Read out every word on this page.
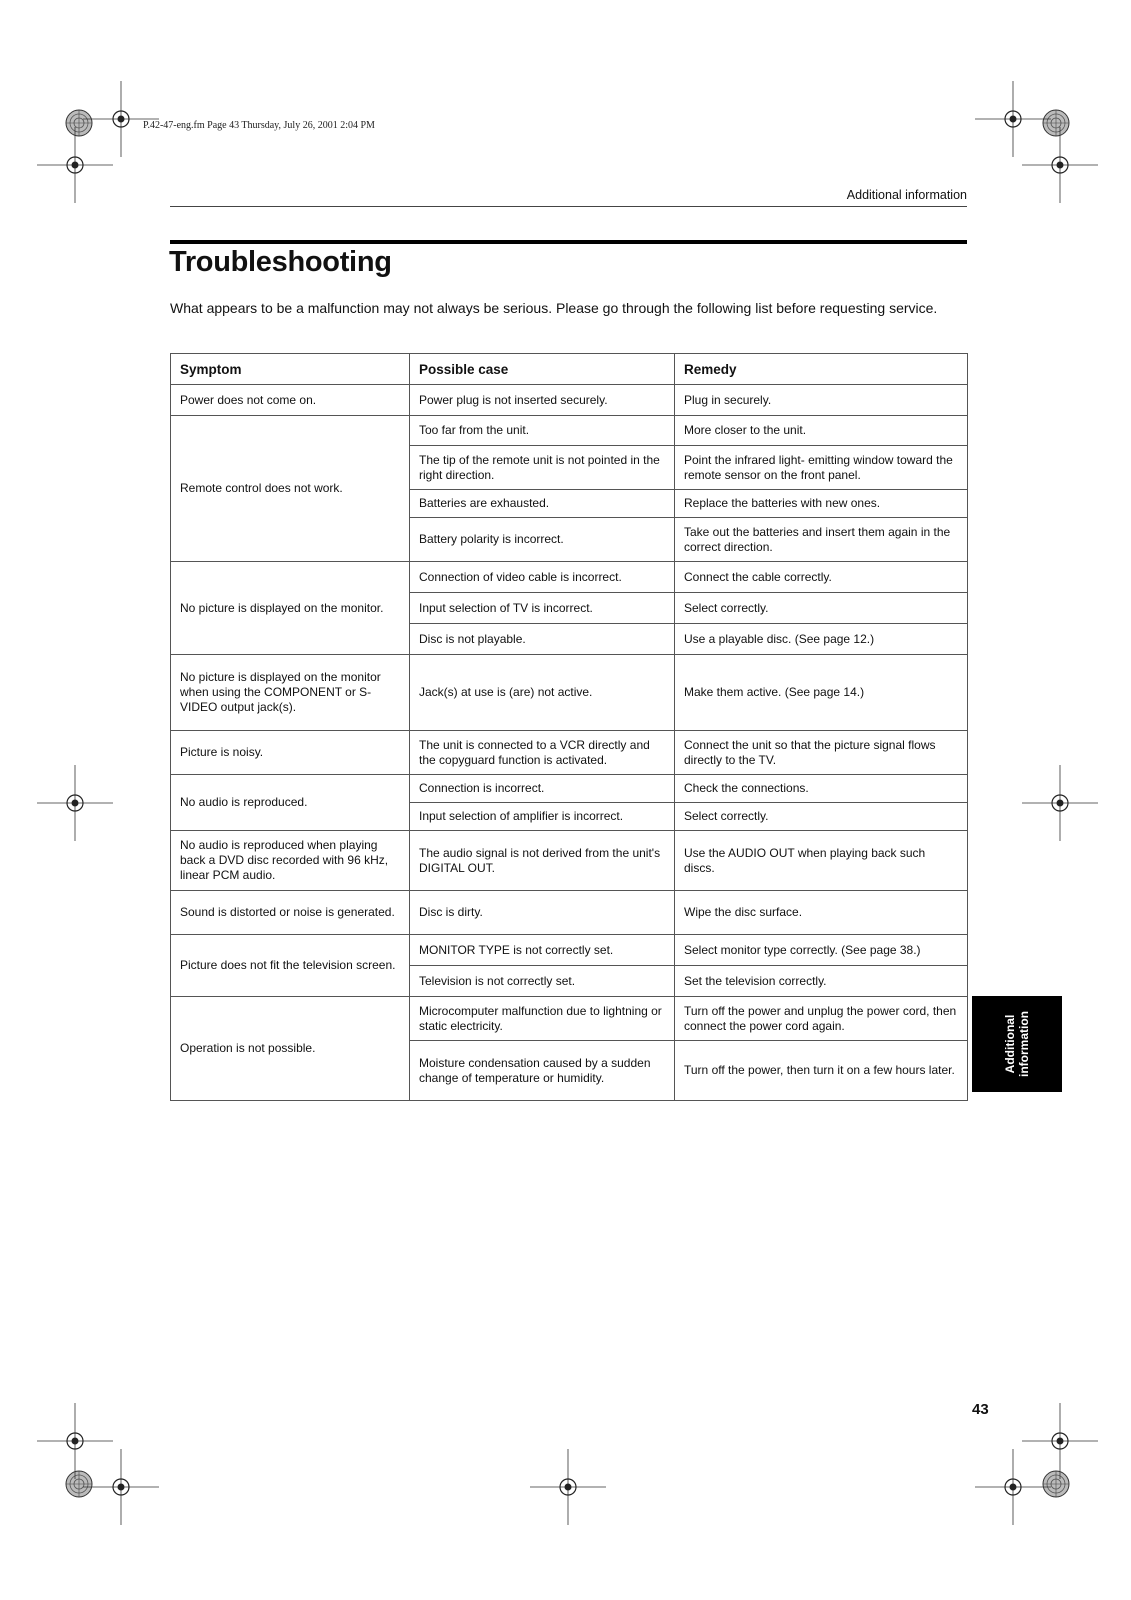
P.42-47-eng.fm Page 43 Thursday, July 26, 2001 2:04 PM
Additional information
Troubleshooting

What appears to be a malfunction may not always be serious. Please go through the following list before requesting service.

Symptom	Possible case	Remedy
Power does not come on.	Power plug is not inserted securely.	Plug in securely.
Remote control does not work.	Too far from the unit.	More closer to the unit.
	The tip of the remote unit is not pointed in the right direction.	Point the infrared light- emitting window toward the remote sensor on the front panel.
	Batteries are exhausted.	Replace the batteries with new ones.
	Battery polarity is incorrect.	Take out the batteries and insert them again in the correct direction.
No picture is displayed on the monitor.	Connection of video cable is incorrect.	Connect the cable correctly.
	Input selection of TV is incorrect.	Select correctly.
	Disc is not playable.	Use a playable disc. (See page 12.)
No picture is displayed on the monitor when using the COMPONENT or S-VIDEO output jack(s).	Jack(s) at use is (are) not active.	Make them active. (See page 14.)
Picture is noisy.	The unit is connected to a VCR directly and the copyguard function is activated.	Connect the unit so that the picture signal flows directly to the TV.
No audio is reproduced.	Connection is incorrect.	Check the connections.
	Input selection of amplifier is incorrect.	Select correctly.
No audio is reproduced when playing back a DVD disc recorded with 96 kHz, linear PCM audio.	The audio signal is not derived from the unit's DIGITAL OUT.	Use the AUDIO OUT when playing back such discs.
Sound is distorted or noise is generated.	Disc is dirty.	Wipe the disc surface.
Picture does not fit the television screen.	MONITOR TYPE is not correctly set.	Select monitor type correctly. (See page 38.)
	Television is not correctly set.	Set the television correctly.
Operation is not possible.	Microcomputer malfunction due to lightning or static electricity.	Turn off the power and unplug the power cord, then connect the power cord again.
	Moisture condensation caused by a sudden change of temperature or humidity.	Turn off the power, then turn it on a few hours later.	Additional information
43
